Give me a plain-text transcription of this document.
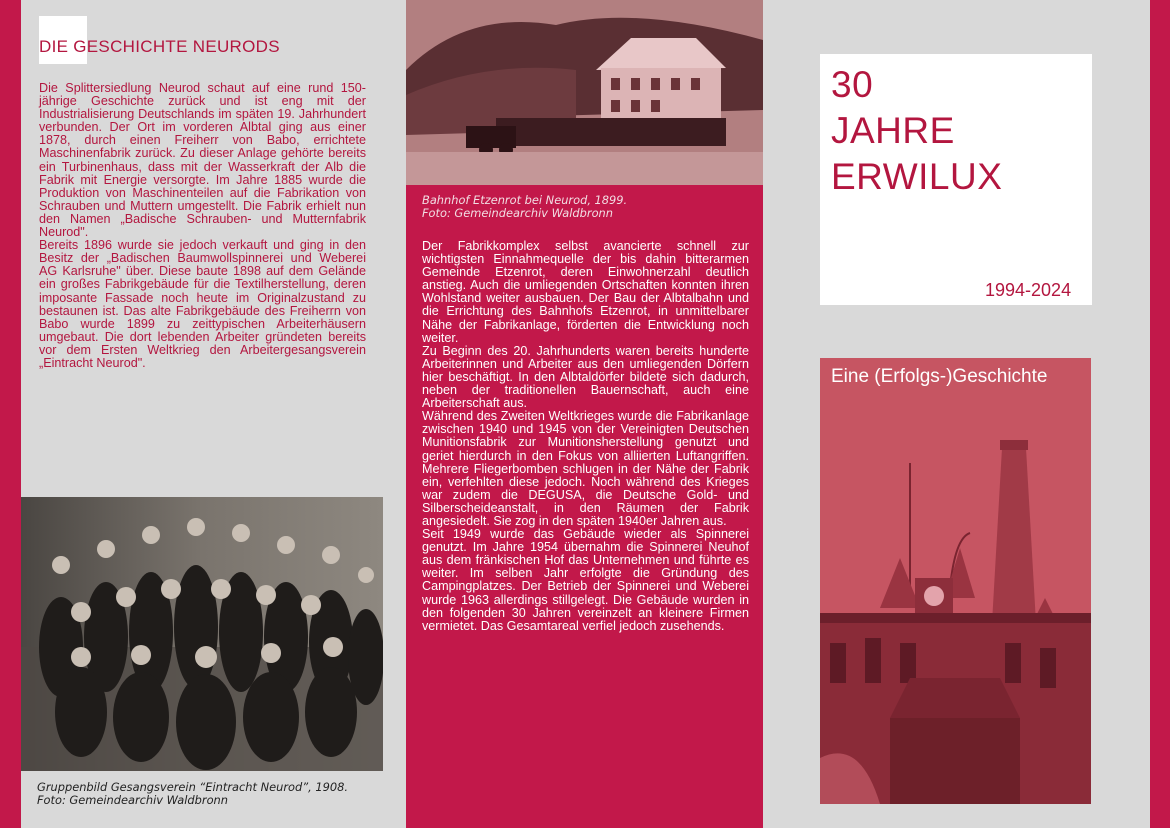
DIE GESCHICHTE NEURODS

Die Splittersiedlung Neurod schaut auf eine rund 150-jährige Geschichte zurück und ist eng mit der Industrialisierung Deutschlands im späten 19. Jahrhundert verbunden. Der Ort im vorderen Albtal ging aus einer 1878, durch einen Freiherr von Babo, errichtete Maschinenfabrik zurück. Zu dieser Anlage gehörte bereits ein Turbinenhaus, dass mit der Wasserkraft der Alb die Fabrik mit Energie versorgte. Im Jahre 1885 wurde die Produktion von Maschinenteilen auf die Fabrikation von Schrauben und Muttern umgestellt. Die Fabrik erhielt nun den Namen „Badische Schrauben- und Mutternfabrik Neurod".

Bereits 1896 wurde sie jedoch verkauft und ging in den Besitz der „Badischen Baumwollspinnerei und Weberei AG Karlsruhe" über. Diese baute 1898 auf dem Gelände ein großes Fabrikgebäude für die Textilherstellung, deren imposante Fassade noch heute im Originalzustand zu bestaunen ist. Das alte Fabrikgebäude des Freiherrn von Babo wurde 1899 zu zeittypischen Arbeiterhäusern umgebaut. Die dort lebenden Arbeiter gründeten bereits vor dem Ersten Weltkrieg den Arbeitergesangsverein „Eintracht Neurod".

Gruppenbild Gesangsverein “Eintracht Neurod”, 1908.
Foto: Gemeindearchiv Waldbronn
Bahnhof Etzenrot bei Neurod, 1899.
Foto: Gemeindearchiv Waldbronn

Der Fabrikkomplex selbst avancierte schnell zur wichtigsten Einnahmequelle der bis dahin bitterarmen Gemeinde Etzenrot, deren Einwohnerzahl deutlich anstieg. Auch die umliegenden Ortschaften konnten ihren Wohlstand weiter ausbauen. Der Bau der Albtalbahn und die Errichtung des Bahnhofs Etzenrot, in unmittelbarer Nähe der Fabrikanlage, förderten die Entwicklung noch weiter.

Zu Beginn des 20. Jahrhunderts waren bereits hunderte Arbeiterinnen und Arbeiter aus den umliegenden Dörfern hier beschäftigt. In den Albtaldörfer bildete sich dadurch, neben der traditionellen Bauernschaft, auch eine Arbeiterschaft aus.

Während des Zweiten Weltkrieges wurde die Fabrikanlage zwischen 1940 und 1945 von der Vereinigten Deutschen Munitionsfabrik zur Munitionsherstellung genutzt und geriet hierdurch in den Fokus von alliierten Luftangriffen. Mehrere Fliegerbomben schlugen in der Nähe der Fabrik ein, verfehlten diese jedoch. Noch während des Krieges war zudem die DEGUSA, die Deutsche Gold- und Silberscheideanstalt, in den Räumen der Fabrik angesiedelt. Sie zog in den späten 1940er Jahren aus.

Seit 1949 wurde das Gebäude wieder als Spinnerei genutzt. Im Jahre 1954 übernahm die Spinnerei Neuhof aus dem fränkischen Hof das Unternehmen und führte es weiter. Im selben Jahr erfolgte die Gründung des Campingplatzes. Der Betrieb der Spinnerei und Weberei wurde 1963 allerdings stillgelegt. Die Gebäude wurden in den folgenden 30 Jahren vereinzelt an kleinere Firmen vermietet. Das Gesamtareal verfiel jedoch zusehends.

30
JAHRE
ERWILUX
1994-2024
Eine (Erfolgs-)Geschichte
